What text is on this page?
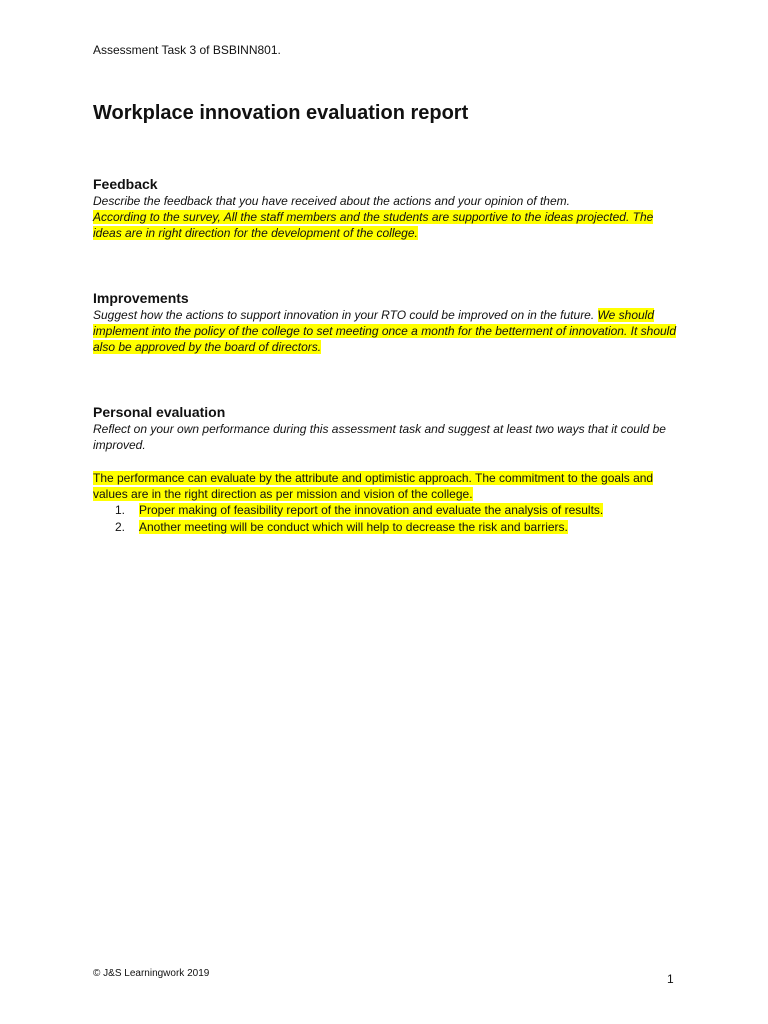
Assessment Task 3 of BSBINN801.
Workplace innovation evaluation report
Feedback

Describe the feedback that you have received about the actions and your opinion of them.
According to the survey, All the staff members and the students are supportive to the ideas projected. The ideas are in right direction for the development of the college.

Improvements

Suggest how the actions to support innovation in your RTO could be improved on in the future. We should implement into the policy of the college to set meeting once a month for the betterment of innovation. It should also be approved by the board of directors.

Personal evaluation

Reflect on your own performance during this assessment task and suggest at least two ways that it could be improved.

The performance can evaluate by the attribute and optimistic approach. The commitment to the goals and values are in the right direction as per mission and vision of the college.

1.	Proper making of feasibility report of the innovation and evaluate the analysis of results.
2.	Another meeting will be conduct which will help to decrease the risk and barriers.
© J&S Learningwork 2019	1
